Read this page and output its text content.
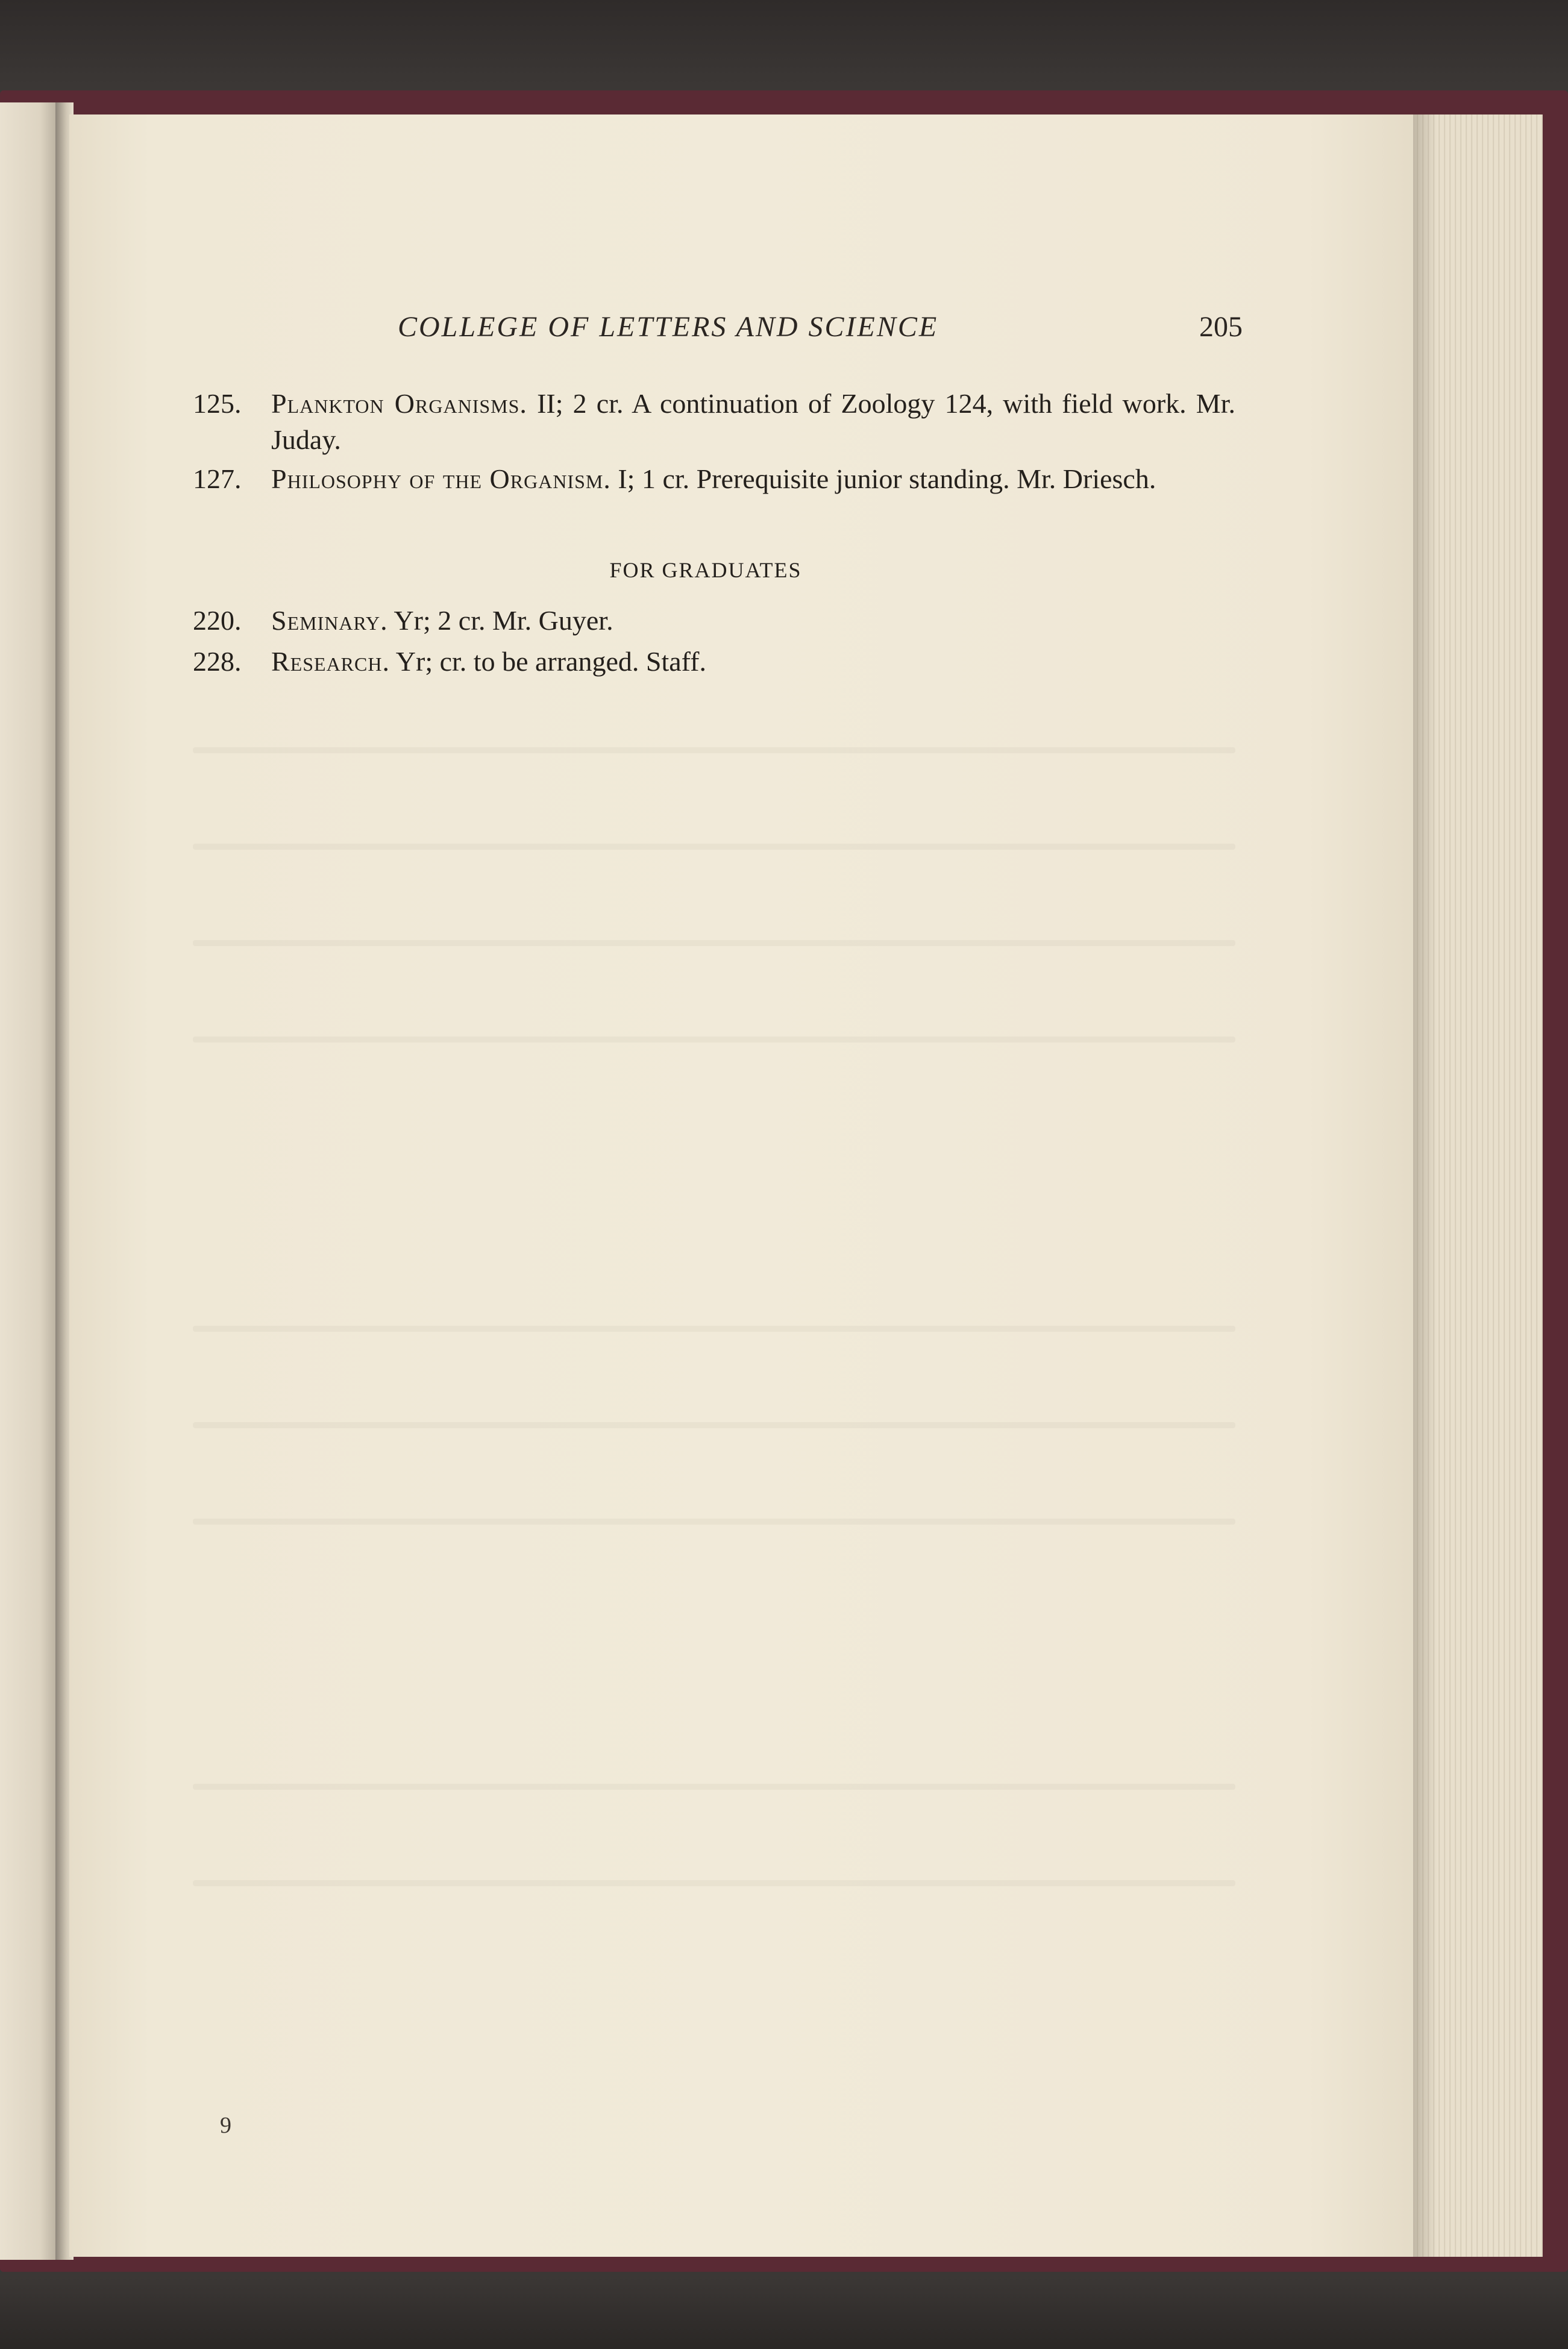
COLLEGE OF LETTERS AND SCIENCE	205
125. Plankton Organisms. II; 2 cr. A continuation of Zoology 124, with field work. Mr. Juday.
127. Philosophy of the Organism. I; 1 cr. Prerequisite junior standing. Mr. Driesch.
FOR GRADUATES
220. Seminary. Yr; 2 cr. Mr. Guyer.
228. Research. Yr; cr. to be arranged. Staff.
9
